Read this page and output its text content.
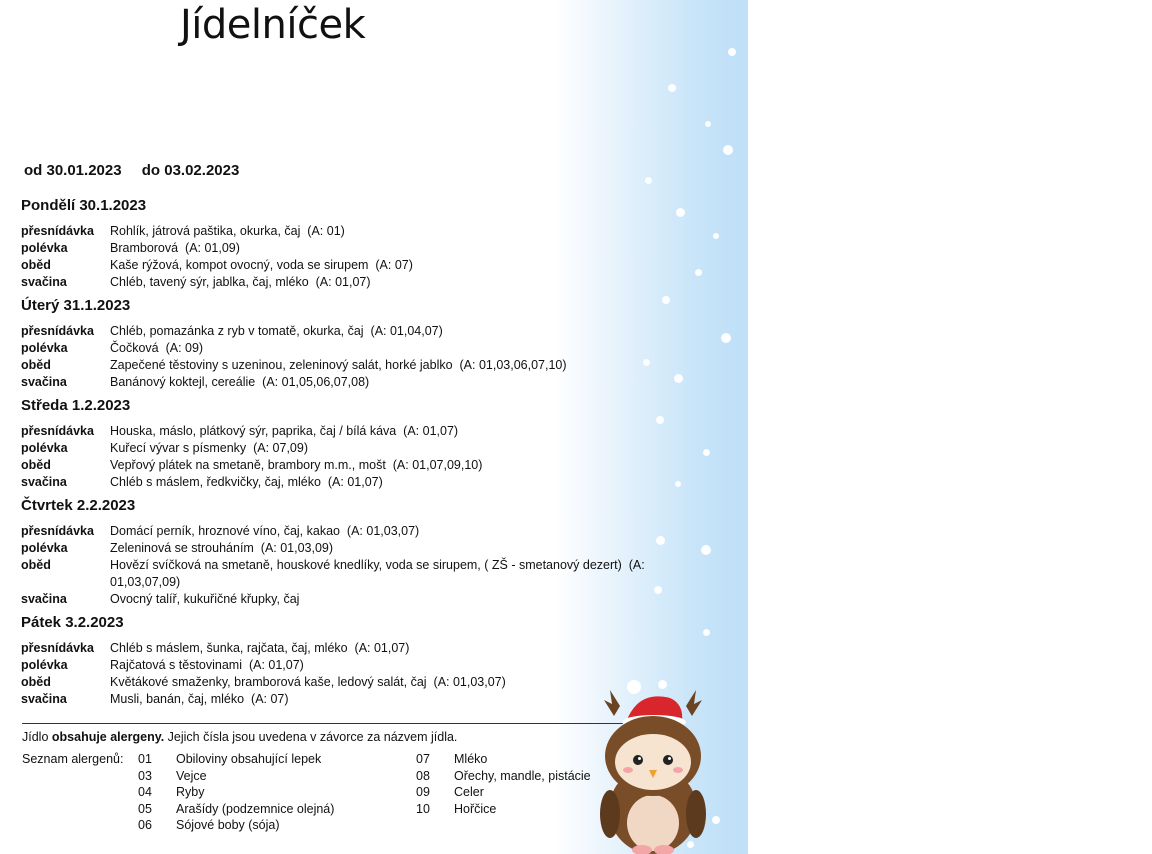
Jídelníček
od 30.01.2023 do 03.02.2023
Pondělí 30.1.2023
přesnídávka	Rohlík, játrová paštika, okurka, čaj  (A: 01)
polévka	Bramborová  (A: 01,09)
oběd	Kaše rýžová, kompot ovocný, voda se sirupem  (A: 07)
svačina	Chléb, tavený sýr, jablka, čaj, mléko  (A: 01,07)
Úterý 31.1.2023
přesnídávka	Chléb, pomazánka z ryb v tomatě, okurka, čaj  (A: 01,04,07)
polévka	Čočková  (A: 09)
oběd	Zapečené těstoviny s uzeninou, zeleninový salát, horké jablko  (A: 01,03,06,07,10)
svačina	Banánový koktejl, cereálie  (A: 01,05,06,07,08)
Středa 1.2.2023
přesnídávka	Houska, máslo, plátkový sýr, paprika, čaj / bílá káva  (A: 01,07)
polévka	Kuřecí vývar s písmenky  (A: 07,09)
oběd	Vepřový plátek na smetaně, brambory m.m., mošt  (A: 01,07,09,10)
svačina	Chléb s máslem, ředkvičky, čaj, mléko  (A: 01,07)
Čtvrtek 2.2.2023
přesnídávka	Domácí perník, hroznové víno, čaj, kakao  (A: 01,03,07)
polévka	Zeleninová se strouháním  (A: 01,03,09)
oběd	Hovězí svíčková na smetaně, houskové knedlíky, voda se sirupem, ( ZŠ - smetanový dezert)  (A: 01,03,07,09)
svačina	Ovocný talíř, kukuřičné křupky, čaj
Pátek 3.2.2023
přesnídávka	Chléb s máslem, šunka, rajčata, čaj, mléko  (A: 01,07)
polévka	Rajčatová s těstovinami  (A: 01,07)
oběd	Květákové smaženky, bramborová kaše, ledový salát, čaj  (A: 01,03,07)
svačina	Musli, banán, čaj, mléko  (A: 07)
Jídlo obsahuje alergeny. Jejich čísla jsou uvedena v závorce za názvem jídla.
Seznam alergenů: 01	Obiloviny obsahující lepek
03	Vejce
04	Ryby
05	Arašídy (podzemnice olejná)
06	Sójové boby (sója)
07	Mléko
08	Ořechy, mandle, pistácie
09	Celer
10	Hořčice
